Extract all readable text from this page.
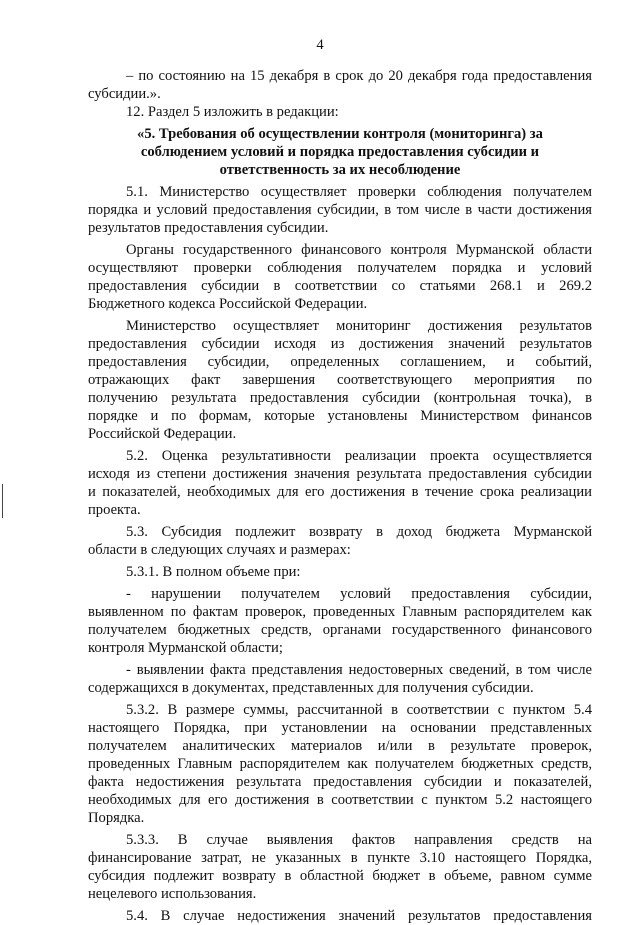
4
– по состоянию на 15 декабря в срок до 20 декабря года предоставления
субсидии.».
12. Раздел 5 изложить в редакции:
«5. Требования об осуществлении контроля (мониторинга) за
соблюдением условий и порядка предоставления субсидии и
ответственность за их несоблюдение
5.1. Министерство осуществляет проверки соблюдения получателем
порядка и условий предоставления субсидии, в том числе в части достижения
результатов предоставления субсидии.
Органы государственного финансового контроля Мурманской области
осуществляют проверки соблюдения получателем порядка и условий
предоставления субсидии в соответствии со статьями 268.1 и 269.2
Бюджетного кодекса Российской Федерации.
Министерство осуществляет мониторинг достижения результатов
предоставления субсидии исходя из достижения значений результатов
предоставления субсидии, определенных соглашением, и событий,
отражающих факт завершения соответствующего мероприятия по
получению результата предоставления субсидии (контрольная точка), в
порядке и по формам, которые установлены Министерством финансов
Российской Федерации.
5.2. Оценка результативности реализации проекта осуществляется
исходя из степени достижения значения результата предоставления субсидии
и показателей, необходимых для его достижения в течение срока реализации
проекта.
5.3. Субсидия подлежит возврату в доход бюджета Мурманской
области в следующих случаях и размерах:
5.3.1. В полном объеме при:
- нарушении получателем условий предоставления субсидии,
выявленном по фактам проверок, проведенных Главным распорядителем как
получателем бюджетных средств, органами государственного финансового
контроля Мурманской области;
- выявлении факта представления недостоверных сведений, в том числе
содержащихся в документах, представленных для получения субсидии.
5.3.2. В размере суммы, рассчитанной в соответствии с пунктом 5.4
настоящего Порядка, при установлении на основании представленных
получателем аналитических материалов и/или в результате проверок,
проведенных Главным распорядителем как получателем бюджетных средств,
факта недостижения результата предоставления субсидии и показателей,
необходимых для его достижения в соответствии с пунктом 5.2 настоящего
Порядка.
5.3.3. В случае выявления фактов направления средств на
финансирование затрат, не указанных в пункте 3.10 настоящего Порядка,
субсидия подлежит возврату в областной бюджет в объеме, равном сумме
нецелевого использования.
5.4. В случае недостижения значений результатов предоставления
